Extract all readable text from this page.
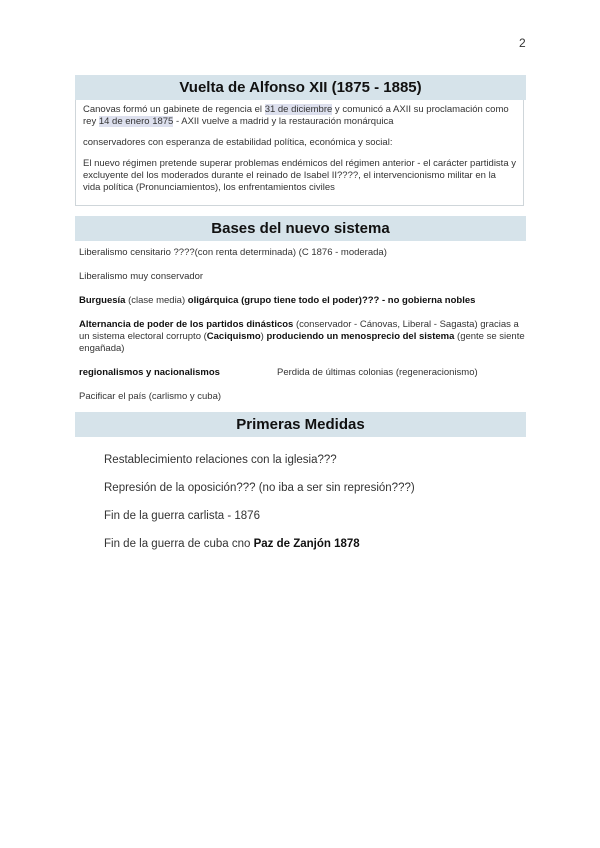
2
Vuelta de Alfonso XII (1875 - 1885)

Canovas formó un gabinete de regencia el 31 de diciembre y comunicó a AXII su proclamación como rey 14 de enero 1875 - AXII vuelve a madrid y la restauración monárquica

conservadores con esperanza de estabilidad política, económica y social:

El nuevo régimen pretende superar problemas endémicos del régimen anterior - el carácter partidista y excluyente del los moderados durante el reinado de Isabel II????, el intervencionismo militar en la vida política (Pronunciamientos), los enfrentamientos civiles

Bases del nuevo sistema

Liberalismo censitario ????(con renta determinada) (C 1876 - moderada)

Liberalismo muy conservador

Burguesía (clase media) oligárquica (grupo tiene todo el poder)??? - no gobierna nobles

Alternancia de poder de los partidos dinásticos (conservador - Cánovas, Liberal - Sagasta) gracias a un sistema electoral corrupto (Caciquismo) produciendo un menosprecio del sistema (gente se siente engañada)

regionalismos y nacionalismos	Perdida de últimas colonias (regeneracionismo)

Pacificar el país (carlismo y cuba)

Primeras Medidas

Restablecimiento relaciones con la iglesia???

Represión de la oposición??? (no iba a ser sin represión???)

Fin de la guerra carlista - 1876

Fin de la guerra de cuba cno Paz de Zanjón 1878
